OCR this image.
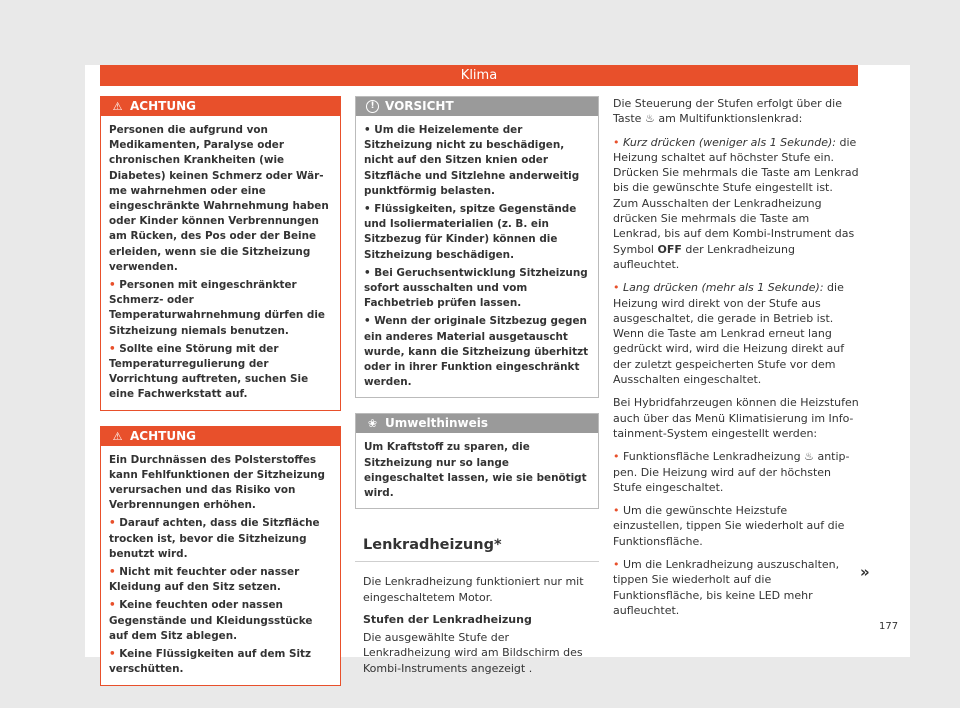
Klima
⚠ ACHTUNG

Personen die aufgrund von Medikamenten, Paralyse oder chronischen Krankheiten (wie Diabetes) keinen Schmerz oder Wärme wahrnehmen oder eine eingeschränkte Wahrnehmung haben oder Kinder können Verbrennungen am Rücken, des Pos oder der Beine erleiden, wenn sie die Sitzheizung verwenden.

• Personen mit eingeschränkter Schmerz- oder Temperaturwahrnehmung dürfen die Sitzheizung niemals benutzen.

• Sollte eine Störung mit der Temperaturregulierung der Vorrichtung auftreten, suchen Sie eine Fachwerkstatt auf.

⚠ ACHTUNG

Ein Durchnässen des Polsterstoffes kann Fehlfunktionen der Sitzheizung verursachen und das Risiko von Verbrennungen erhöhen.

• Darauf achten, dass die Sitzfläche trocken ist, bevor die Sitzheizung benutzt wird.

• Nicht mit feuchter oder nasser Kleidung auf den Sitz setzen.

• Keine feuchten oder nassen Gegenstände und Kleidungsstücke auf dem Sitz ablegen.

• Keine Flüssigkeiten auf dem Sitz verschütten.

! VORSICHT

• Um die Heizelemente der Sitzheizung nicht zu beschädigen, nicht auf den Sitzen knien oder Sitzfläche und Sitzlehne anderweitig punktförmig belasten.

• Flüssigkeiten, spitze Gegenstände und Isoliermaterialien (z. B. ein Sitzbezug für Kinder) können die Sitzheizung beschädigen.

• Bei Geruchsentwicklung Sitzheizung sofort ausschalten und vom Fachbetrieb prüfen lassen.

• Wenn der originale Sitzbezug gegen ein anderes Material ausgetauscht wurde, kann die Sitzheizung überhitzt oder in ihrer Funktion eingeschränkt werden.

❀ Umwelthinweis

Um Kraftstoff zu sparen, die Sitzheizung nur so lange eingeschaltet lassen, wie sie benötigt wird.

Lenkradheizung*

Die Lenkradheizung funktioniert nur mit eingeschaltetem Motor.

Stufen der Lenkradheizung

Die ausgewählte Stufe der Lenkradheizung wird am Bildschirm des Kombi-Instruments angezeigt .

Die Steuerung der Stufen erfolgt über die Taste ♨ am Multifunktionslenkrad:

• Kurz drücken (weniger als 1 Sekunde): die Heizung schaltet auf höchster Stufe ein. Drücken Sie mehrmals die Taste am Lenkrad bis die gewünschte Stufe eingestellt ist. Zum Ausschalten der Lenkradheizung drücken Sie mehrmals die Taste am Lenkrad, bis auf dem Kombi-Instrument das Symbol OFF der Lenkradheizung aufleuchtet.

• Lang drücken (mehr als 1 Sekunde): die Heizung wird direkt von der Stufe aus ausgeschaltet, die gerade in Betrieb ist. Wenn die Taste am Lenkrad erneut lang gedrückt wird, wird die Heizung direkt auf der zuletzt gespeicherten Stufe vor dem Ausschalten eingeschaltet.

Bei Hybridfahrzeugen können die Heizstufen auch über das Menü Klimatisierung im Infotainment-System eingestellt werden:

• Funktionsfläche Lenkradheizung ♨ antippen. Die Heizung wird auf der höchsten Stufe eingeschaltet.

• Um die gewünschte Heizstufe einzustellen, tippen Sie wiederholt auf die Funktionsfläche.

• Um die Lenkradheizung auszuschalten, tippen Sie wiederholt auf die Funktionsfläche, bis keine LED mehr aufleuchtet.

»
177
